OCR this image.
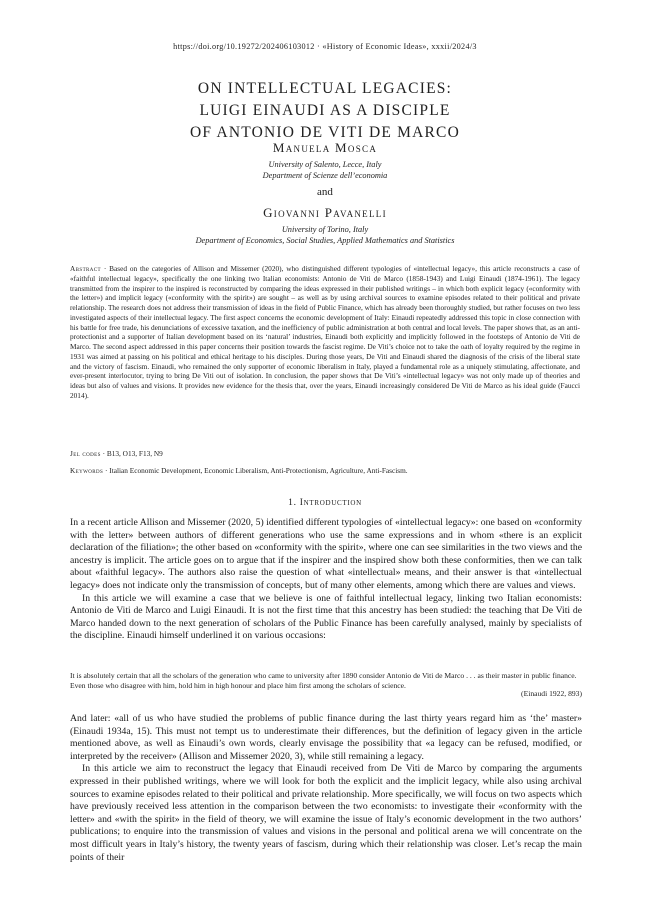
https://doi.org/10.19272/202406103012 · «History of Economic Ideas», xxxii/2024/3
ON INTELLECTUAL LEGACIES:
LUIGI EINAUDI AS A DISCIPLE
OF ANTONIO DE VITI DE MARCO
Manuela Mosca
University of Salento, Lecce, Italy
Department of Scienze dell’economia
and
Giovanni Pavanelli
University of Torino, Italy
Department of Economics, Social Studies, Applied Mathematics and Statistics
Abstract · Based on the categories of Allison and Missemer (2020), who distinguished different typologies of «intellectual legacy», this article reconstructs a case of «faithful intellectual legacy», specifically the one linking two Italian economists: Antonio de Viti de Marco (1858-1943) and Luigi Einaudi (1874-1961). The legacy transmitted from the inspirer to the inspired is reconstructed by comparing the ideas expressed in their published writings – in which both explicit legacy («conformity with the letter») and implicit legacy («conformity with the spirit») are sought – as well as by using archival sources to examine episodes related to their political and private relationship. The research does not address their transmission of ideas in the field of Public Finance, which has already been thoroughly studied, but rather focuses on two less investigated aspects of their intellectual legacy. The first aspect concerns the economic development of Italy: Einaudi repeatedly addressed this topic in close connection with his battle for free trade, his denunciations of excessive taxation, and the inefficiency of public administration at both central and local levels. The paper shows that, as an anti-protectionist and a supporter of Italian development based on its ‘natural’ industries, Einaudi both explicitly and implicitly followed in the footsteps of Antonio de Viti de Marco. The second aspect addressed in this paper concerns their position towards the fascist regime. De Viti’s choice not to take the oath of loyalty required by the regime in 1931 was aimed at passing on his political and ethical heritage to his disciples. During those years, De Viti and Einaudi shared the diagnosis of the crisis of the liberal state and the victory of fascism. Einaudi, who remained the only supporter of economic liberalism in Italy, played a fundamental role as a uniquely stimulating, affectionate, and ever-present interlocutor, trying to bring De Viti out of isolation. In conclusion, the paper shows that De Viti’s «intellectual legacy» was not only made up of theories and ideas but also of values and visions. It provides new evidence for the thesis that, over the years, Einaudi increasingly considered De Viti de Marco as his ideal guide (Faucci 2014).
Jel codes · B13, O13, F13, N9
Keywords · Italian Economic Development, Economic Liberalism, Anti-Protectionism, Agriculture, Anti-Fascism.
1. Introduction

In a recent article Allison and Missemer (2020, 5) identified different typologies of «intellectual legacy»: one based on «conformity with the letter» between authors of different generations who use the same expressions and in whom «there is an explicit declaration of the filiation»; the other based on «conformity with the spirit», where one can see similarities in the two views and the ancestry is implicit. The article goes on to argue that if the inspirer and the inspired show both these conformities, then we can talk about «faithful legacy». The authors also raise the question of what «intellectual» means, and their answer is that «intellectual legacy» does not indicate only the transmission of concepts, but of many other elements, among which there are values and views.

In this article we will examine a case that we believe is one of faithful intellectual legacy, linking two Italian economists: Antonio de Viti de Marco and Luigi Einaudi. It is not the first time that this ancestry has been studied: the teaching that De Viti de Marco handed down to the next generation of scholars of the Public Finance has been carefully analysed, mainly by specialists of the discipline. Einaudi himself underlined it on various occasions:

It is absolutely certain that all the scholars of the generation who came to university after 1890 consider Antonio de Viti de Marco . . . as their master in public finance. Even those who disagree with him, hold him in high honour and place him first among the scholars of science.
(Einaudi 1922, 893)

And later: «all of us who have studied the problems of public finance during the last thirty years regard him as ‘the’ master» (Einaudi 1934a, 15). This must not tempt us to underestimate their differences, but the definition of legacy given in the article mentioned above, as well as Einaudi’s own words, clearly envisage the possibility that «a legacy can be refused, modified, or interpreted by the receiver» (Allison and Missemer 2020, 3), while still remaining a legacy.

In this article we aim to reconstruct the legacy that Einaudi received from De Viti de Marco by comparing the arguments expressed in their published writings, where we will look for both the explicit and the implicit legacy, while also using archival sources to examine episodes related to their political and private relationship. More specifically, we will focus on two aspects which have previously received less attention in the comparison between the two economists: to investigate their «conformity with the letter» and «with the spirit» in the field of theory, we will examine the issue of Italy’s economic development in the two authors’ publications; to enquire into the transmission of values and visions in the personal and political arena we will concentrate on the most difficult years in Italy’s history, the twenty years of fascism, during which their relationship was closer. Let’s recap the main points of their
